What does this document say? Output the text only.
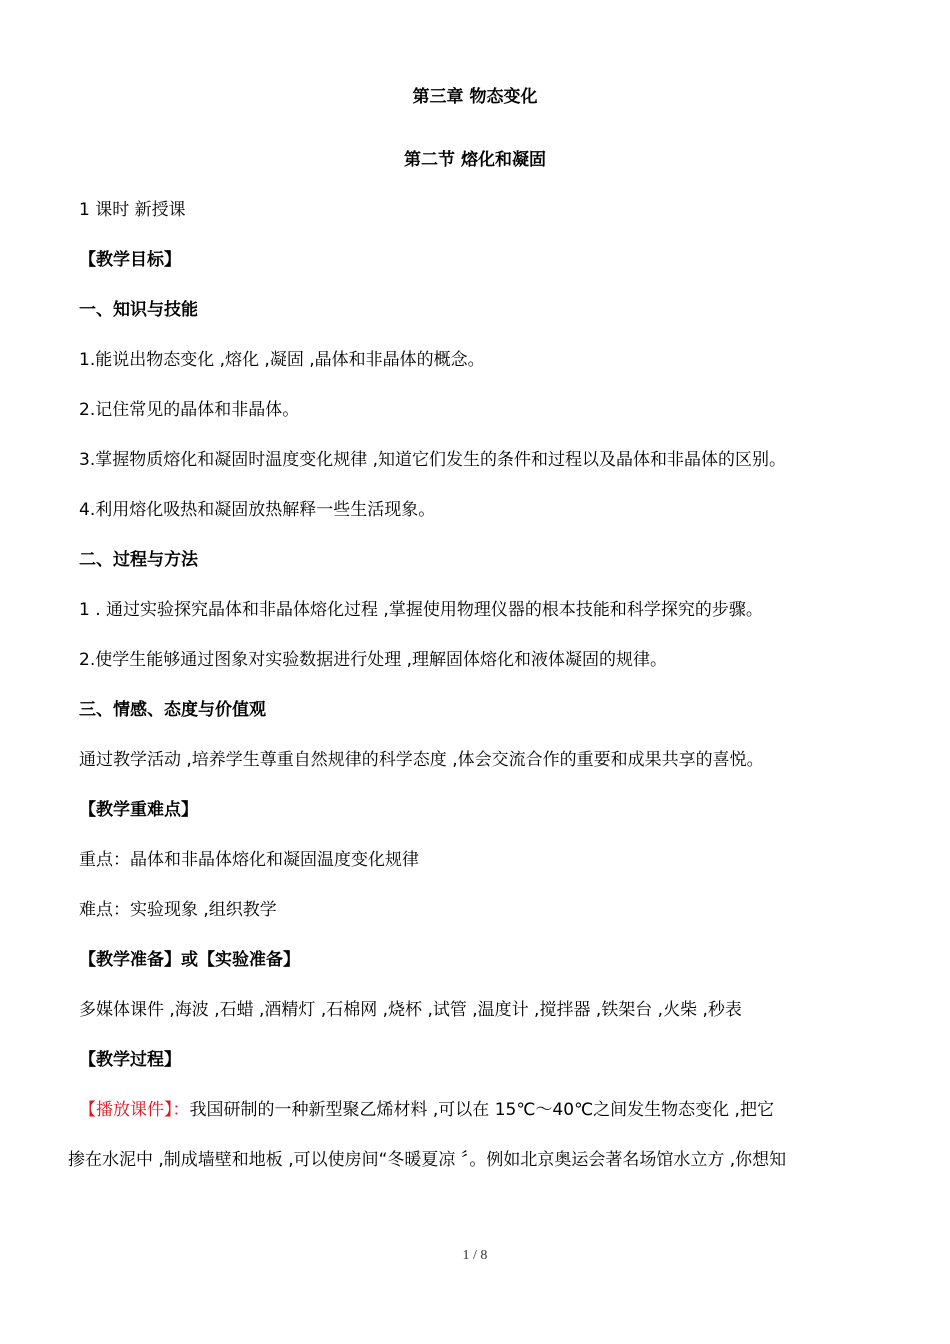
第三章 物态变化
第二节 熔化和凝固
1 课时 新授课
【教学目标】
一、知识与技能
1.能说出物态变化 ,熔化 ,凝固 ,晶体和非晶体的概念。
2.记住常见的晶体和非晶体。
3.掌握物质熔化和凝固时温度变化规律 ,知道它们发生的条件和过程以及晶体和非晶体的区别。
4.利用熔化吸热和凝固放热解释一些生活现象。
二、过程与方法
1 . 通过实验探究晶体和非晶体熔化过程 ,掌握使用物理仪器的根本技能和科学探究的步骤。
2.使学生能够通过图象对实验数据进行处理 ,理解固体熔化和液体凝固的规律。
三、情感、态度与价值观
通过教学活动 ,培养学生尊重自然规律的科学态度 ,体会交流合作的重要和成果共享的喜悦。
【教学重难点】
重点：晶体和非晶体熔化和凝固温度变化规律
难点：实验现象 ,组织教学
【教学准备】或【实验准备】
多媒体课件 ,海波 ,石蜡 ,酒精灯 ,石棉网 ,烧杯 ,试管 ,温度计 ,搅拌器 ,铁架台 ,火柴 ,秒表
【教学过程】
【播放课件】：我国研制的一种新型聚乙烯材料 ,可以在 15℃～40℃之间发生物态变化 ,把它
掺在水泥中 ,制成墙壁和地板 ,可以使房间“冬暖夏凉 〞。例如北京奥运会著名场馆水立方 ,你想知
1 / 8
